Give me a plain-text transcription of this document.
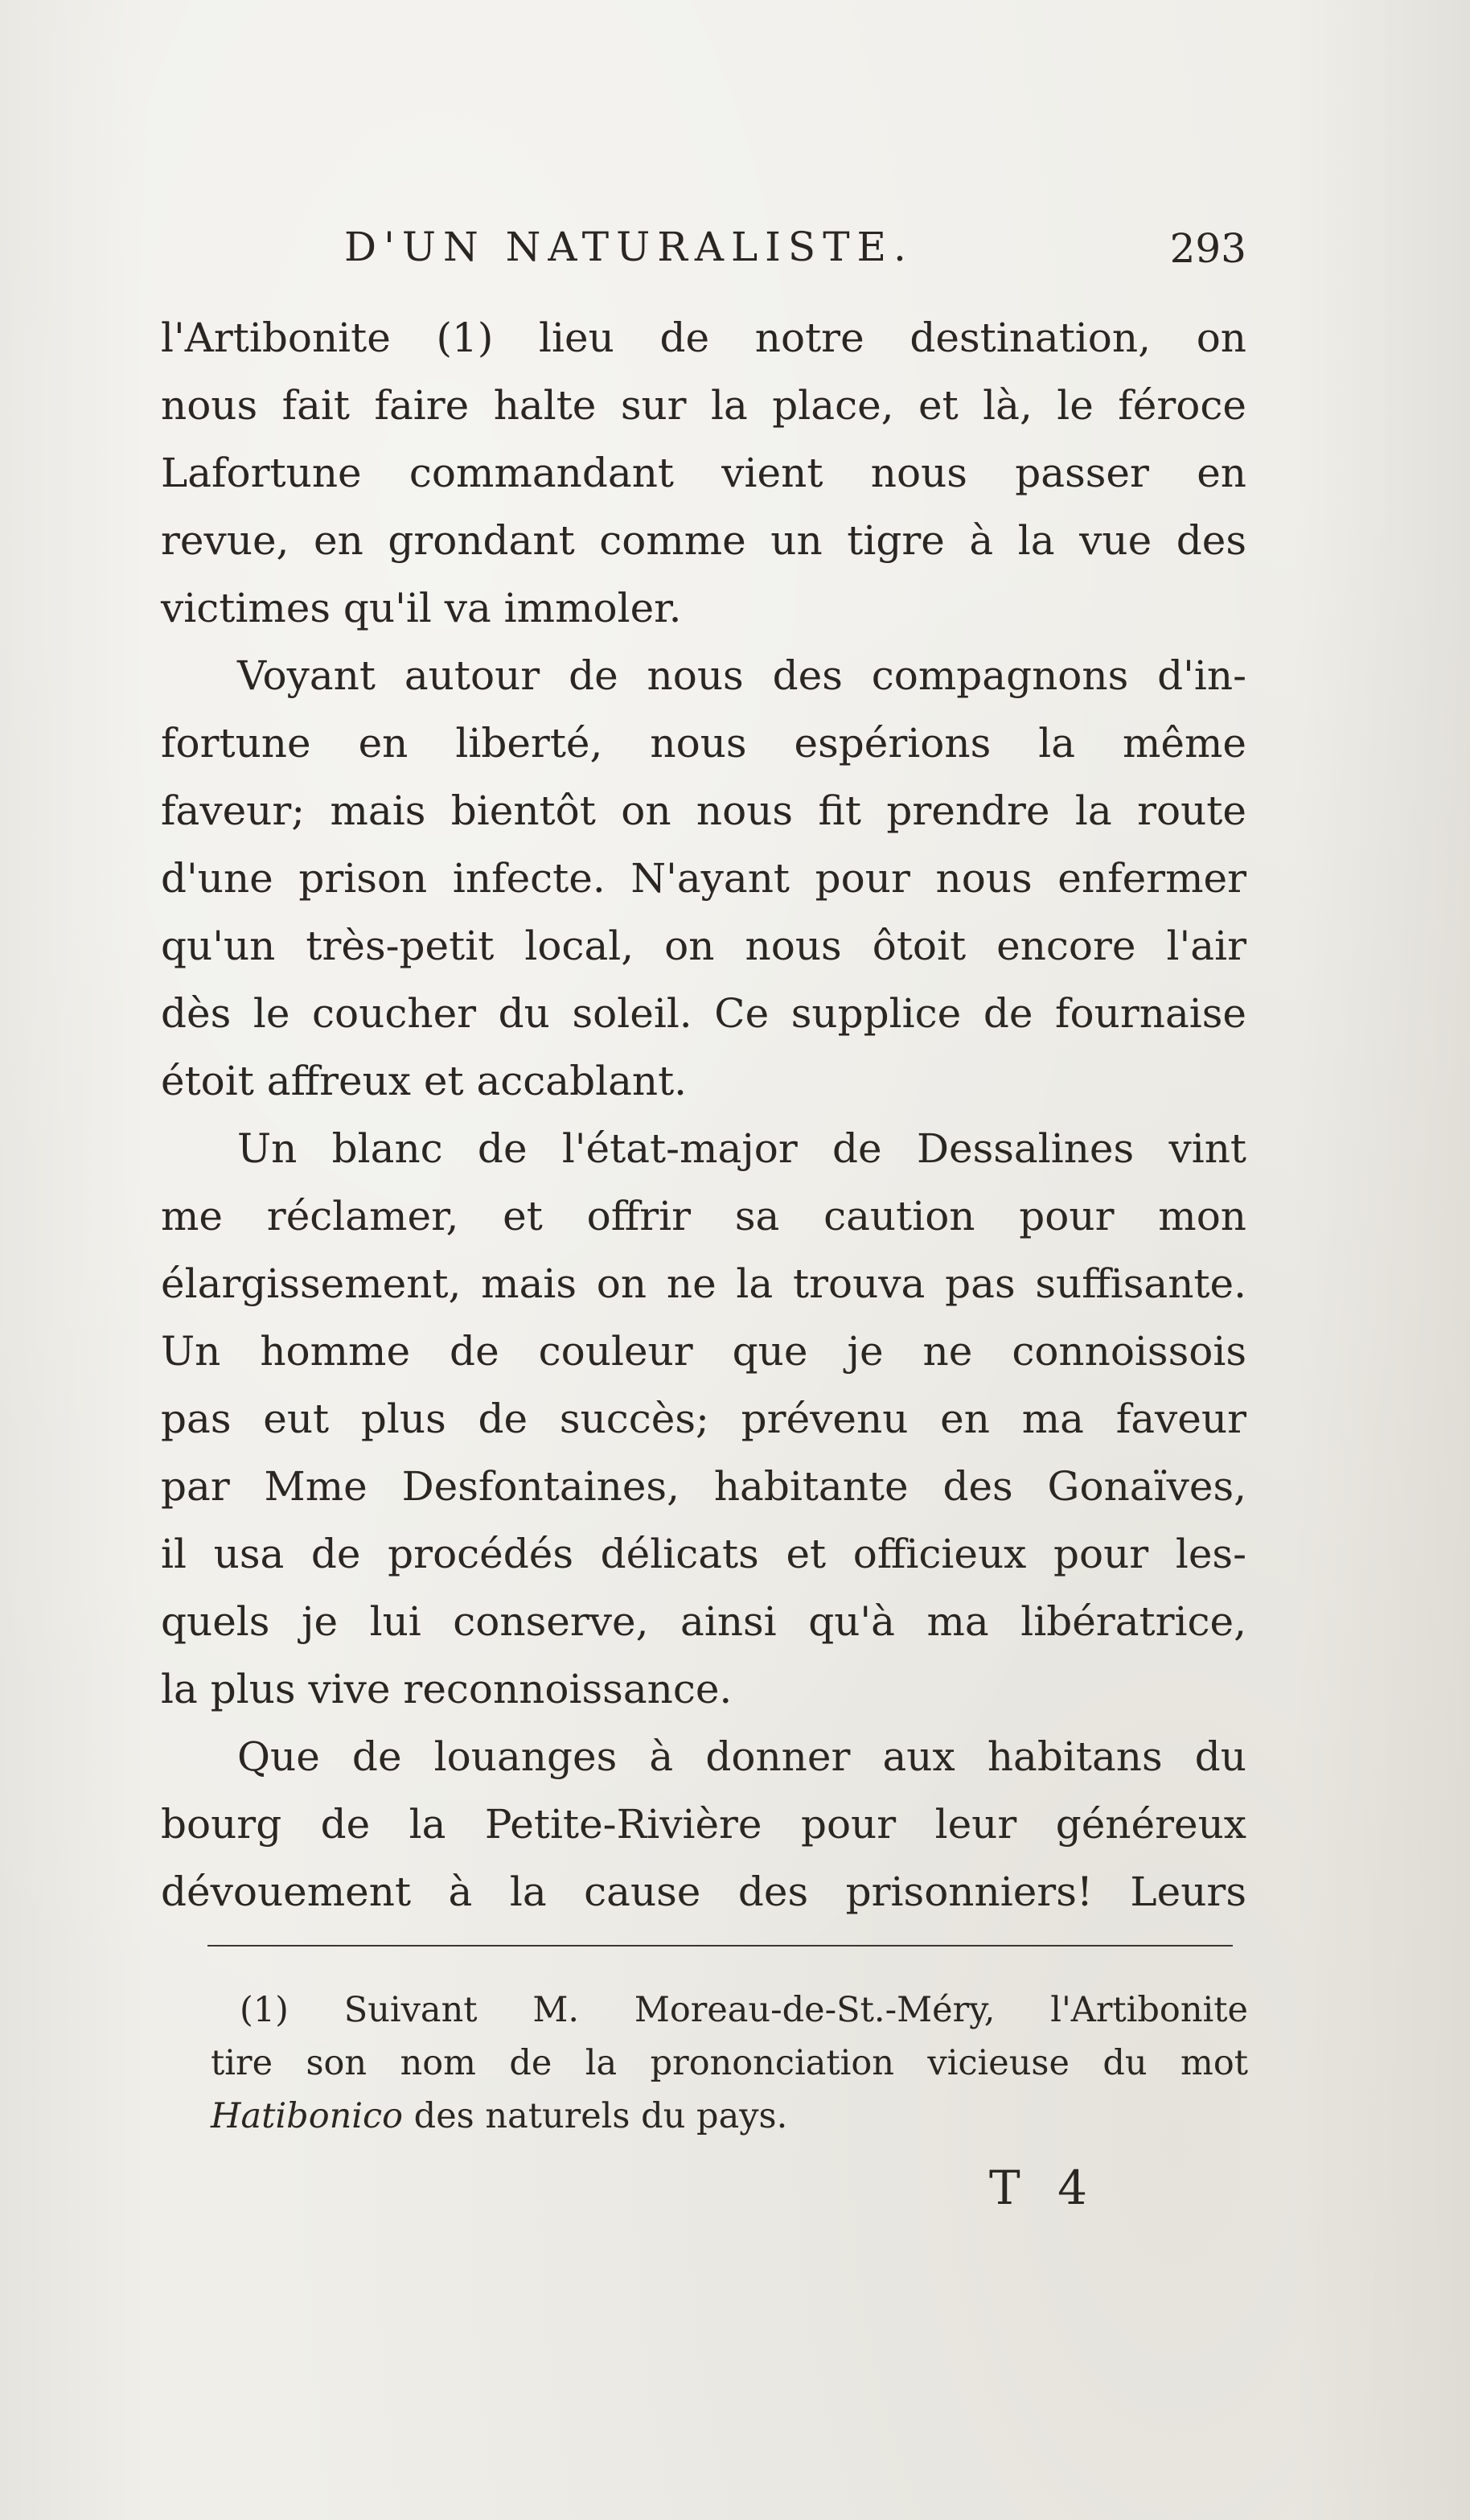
D'UN NATURALISTE.	293
l'Artibonite (1) lieu de notre destination, on
nous fait faire halte sur la place, et là, le féroce
Lafortune commandant vient nous passer en
revue, en grondant comme un tigre à la vue des
victimes qu'il va immoler.
Voyant autour de nous des compagnons d'in-
fortune en liberté, nous espérions la même
faveur; mais bientôt on nous fit prendre la route
d'une prison infecte. N'ayant pour nous enfermer
qu'un très-petit local, on nous ôtoit encore l'air
dès le coucher du soleil. Ce supplice de fournaise
étoit affreux et accablant.
Un blanc de l'état-major de Dessalines vint
me réclamer, et offrir sa caution pour mon
élargissement, mais on ne la trouva pas suffisante.
Un homme de couleur que je ne connoissois
pas eut plus de succès; prévenu en ma faveur
par Mme Desfontaines, habitante des Gonaïves,
il usa de procédés délicats et officieux pour les-
quels je lui conserve, ainsi qu'à ma libératrice,
la plus vive reconnoissance.
Que de louanges à donner aux habitans du
bourg de la Petite-Rivière pour leur généreux
dévouement à la cause des prisonniers! Leurs
(1) Suivant M. Moreau-de-St.-Méry, l'Artibonite
tire son nom de la prononciation vicieuse du mot
Hatibonico des naturels du pays.
T 4
